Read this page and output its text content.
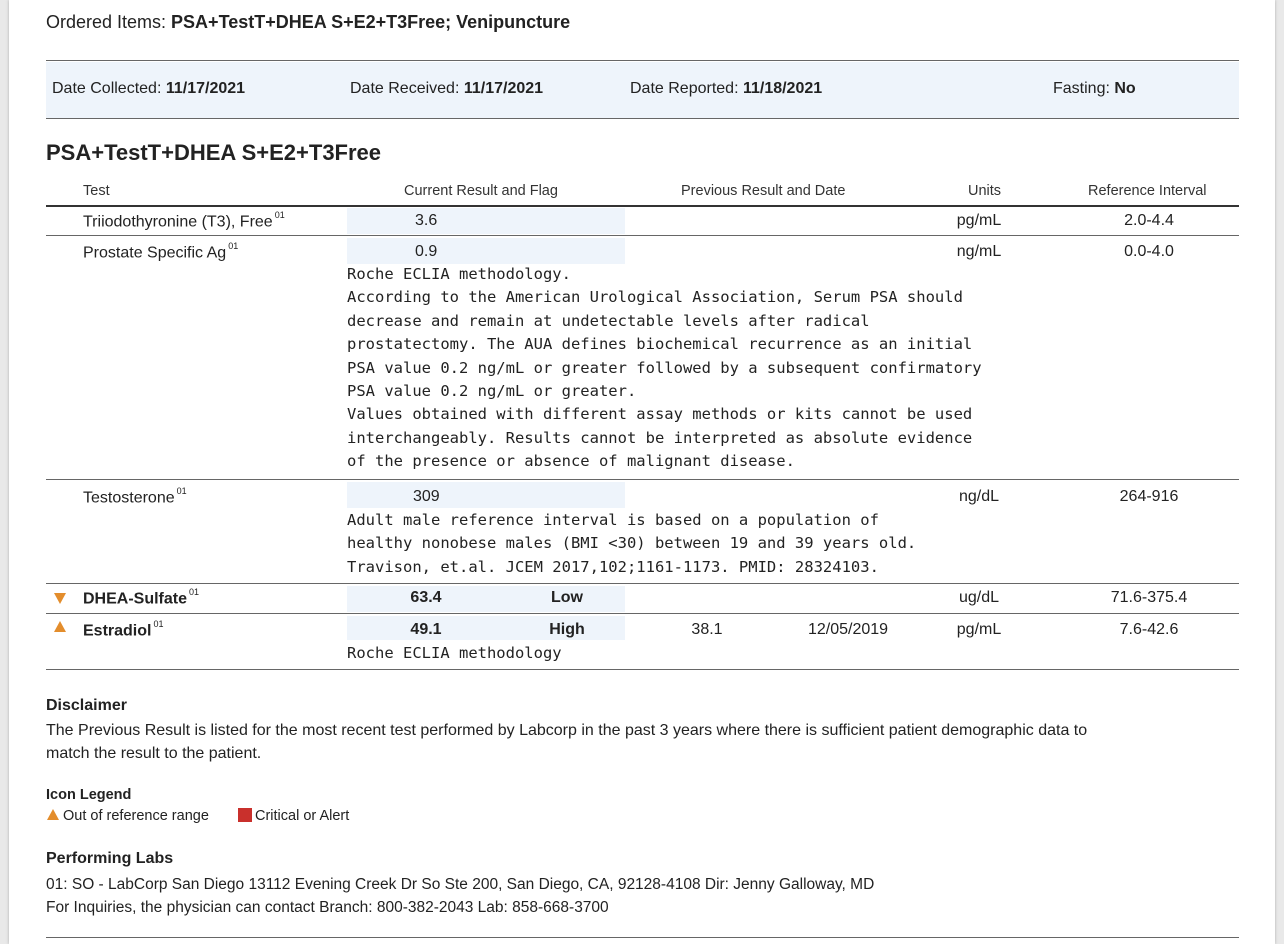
Ordered Items: PSA+TestT+DHEA S+E2+T3Free; Venipuncture
Date Collected: 11/17/2021	Date Received: 11/17/2021	Date Reported: 11/18/2021	Fasting: No
PSA+TestT+DHEA S+E2+T3Free
Test	Current Result and Flag	Previous Result and Date	Units	Reference Interval
Triiodothyronine (T3), Free $^{01}$	3.6	pg/mL	2.0-4.4
Prostate Specific Ag $^{01}$	0.9	ng/mL	0.0-4.0
Roche ECLIA methodology.
According to the American Urological Association, Serum PSA should
decrease and remain at undetectable levels after radical
prostatectomy. The AUA defines biochemical recurrence as an initial
PSA value 0.2 ng/mL or greater followed by a subsequent confirmatory
PSA value 0.2 ng/mL or greater.
Values obtained with different assay methods or kits cannot be used
interchangeably. Results cannot be interpreted as absolute evidence
of the presence or absence of malignant disease.
Testosterone $^{01}$	309	ng/dL	264-916
Adult male reference interval is based on a population of
healthy nonobese males (BMI <30) between 19 and 39 years old.
Travison, et.al. JCEM 2017,102;1161-1173. PMID: 28324103.
DHEA-Sulfate $^{01}$	63.4	Low	ug/dL	71.6-375.4
Estradiol $^{01}$	49.1	High	38.1	12/05/2019	pg/mL	7.6-42.6
Roche ECLIA methodology
Disclaimer
The Previous Result is listed for the most recent test performed by Labcorp in the past 3 years where there is sufficient patient demographic data to
match the result to the patient.
Icon Legend
Out of reference range	Critical or Alert
Performing Labs
01: SO - LabCorp San Diego 13112 Evening Creek Dr So Ste 200, San Diego, CA, 92128-4108 Dir: Jenny Galloway, MD
For Inquiries, the physician can contact Branch: 800-382-2043 Lab: 858-668-3700
